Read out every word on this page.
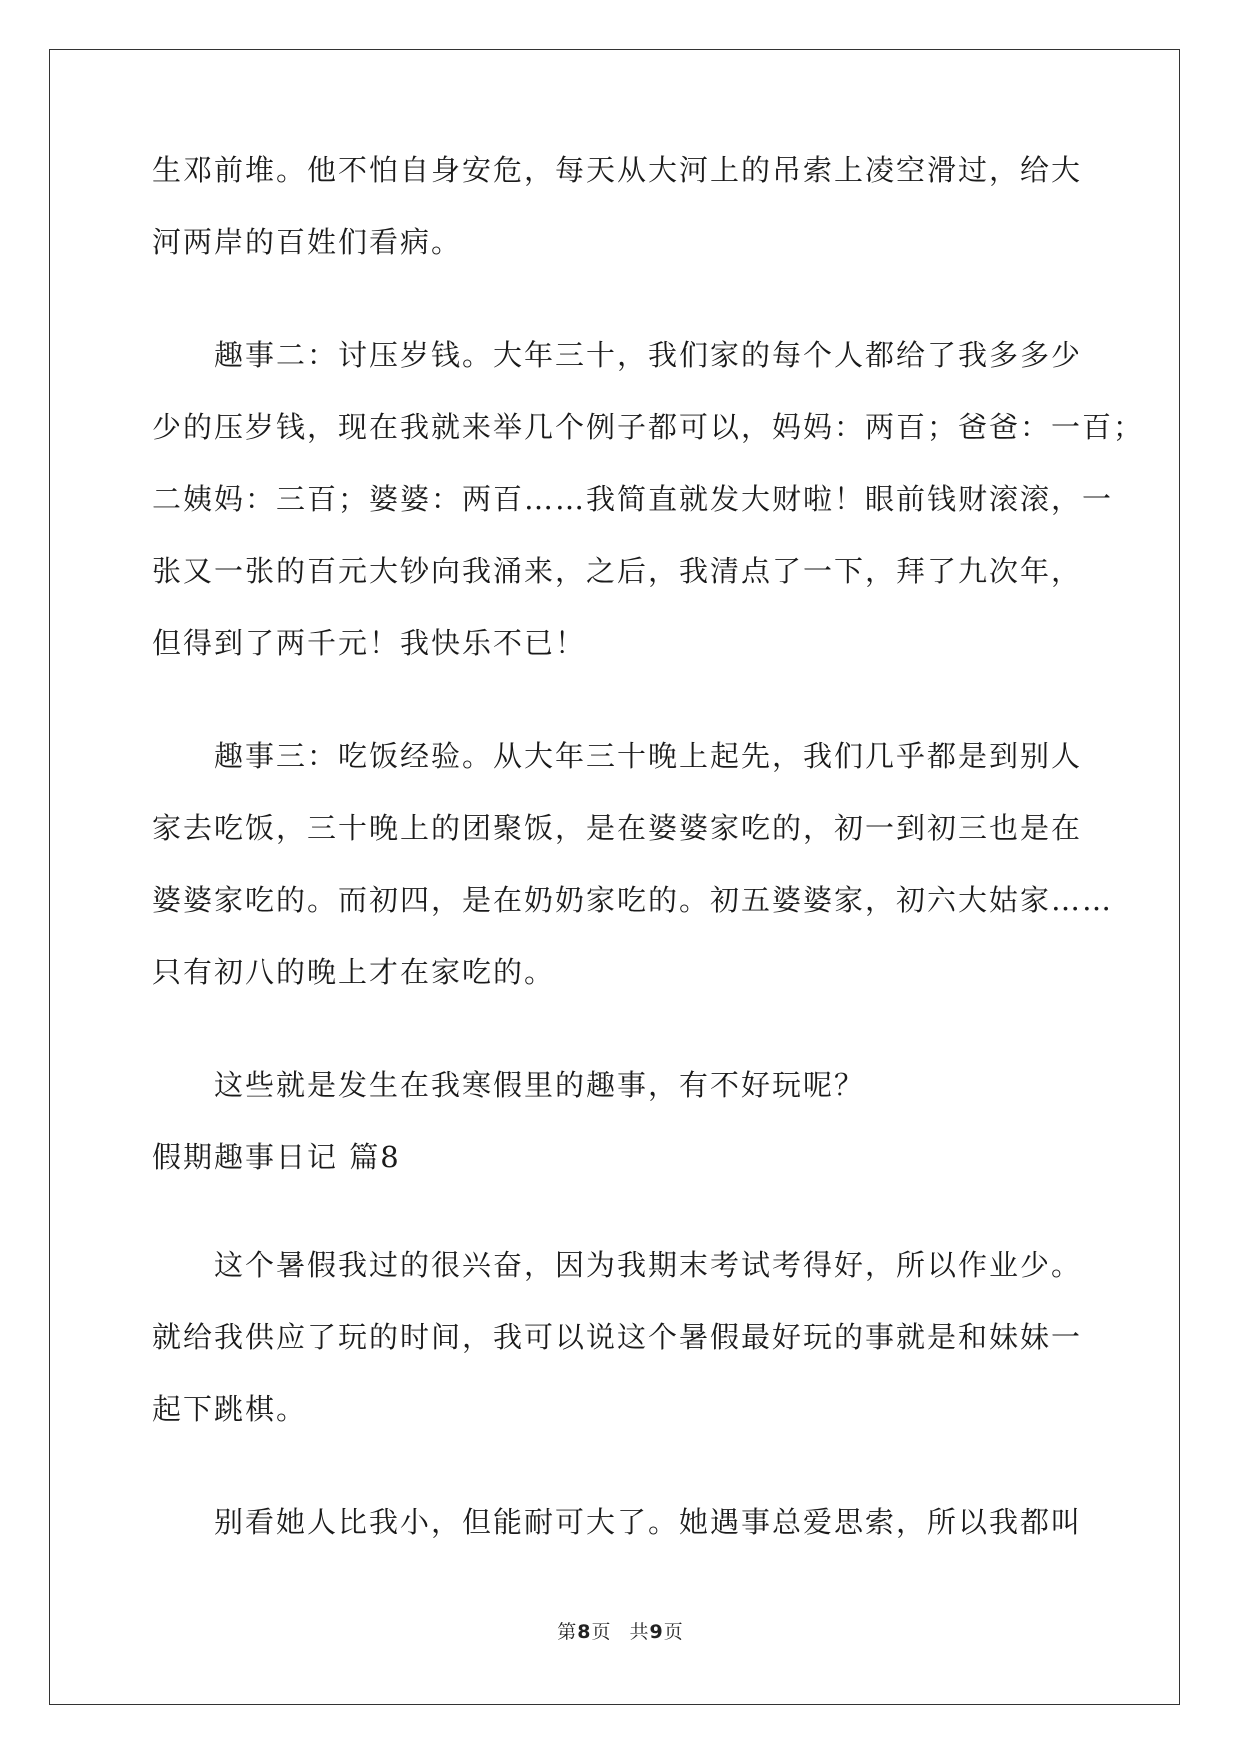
生邓前堆。他不怕自身安危，每天从大河上的吊索上凌空滑过，给大
河两岸的百姓们看病。
趣事二：讨压岁钱。大年三十，我们家的每个人都给了我多多少
少的压岁钱，现在我就来举几个例子都可以，妈妈：两百；爸爸：一百；
二姨妈：三百；婆婆：两百……我简直就发大财啦！眼前钱财滚滚，一
张又一张的百元大钞向我涌来，之后，我清点了一下，拜了九次年，
但得到了两千元！我快乐不已！
趣事三：吃饭经验。从大年三十晚上起先，我们几乎都是到别人
家去吃饭，三十晚上的团聚饭，是在婆婆家吃的，初一到初三也是在
婆婆家吃的。而初四，是在奶奶家吃的。初五婆婆家，初六大姑家……
只有初八的晚上才在家吃的。
这些就是发生在我寒假里的趣事，有不好玩呢？
假期趣事日记 篇8
这个暑假我过的很兴奋，因为我期末考试考得好，所以作业少。
就给我供应了玩的时间，我可以说这个暑假最好玩的事就是和妹妹一
起下跳棋。
别看她人比我小，但能耐可大了。她遇事总爱思索，所以我都叫
第8页 共9页
